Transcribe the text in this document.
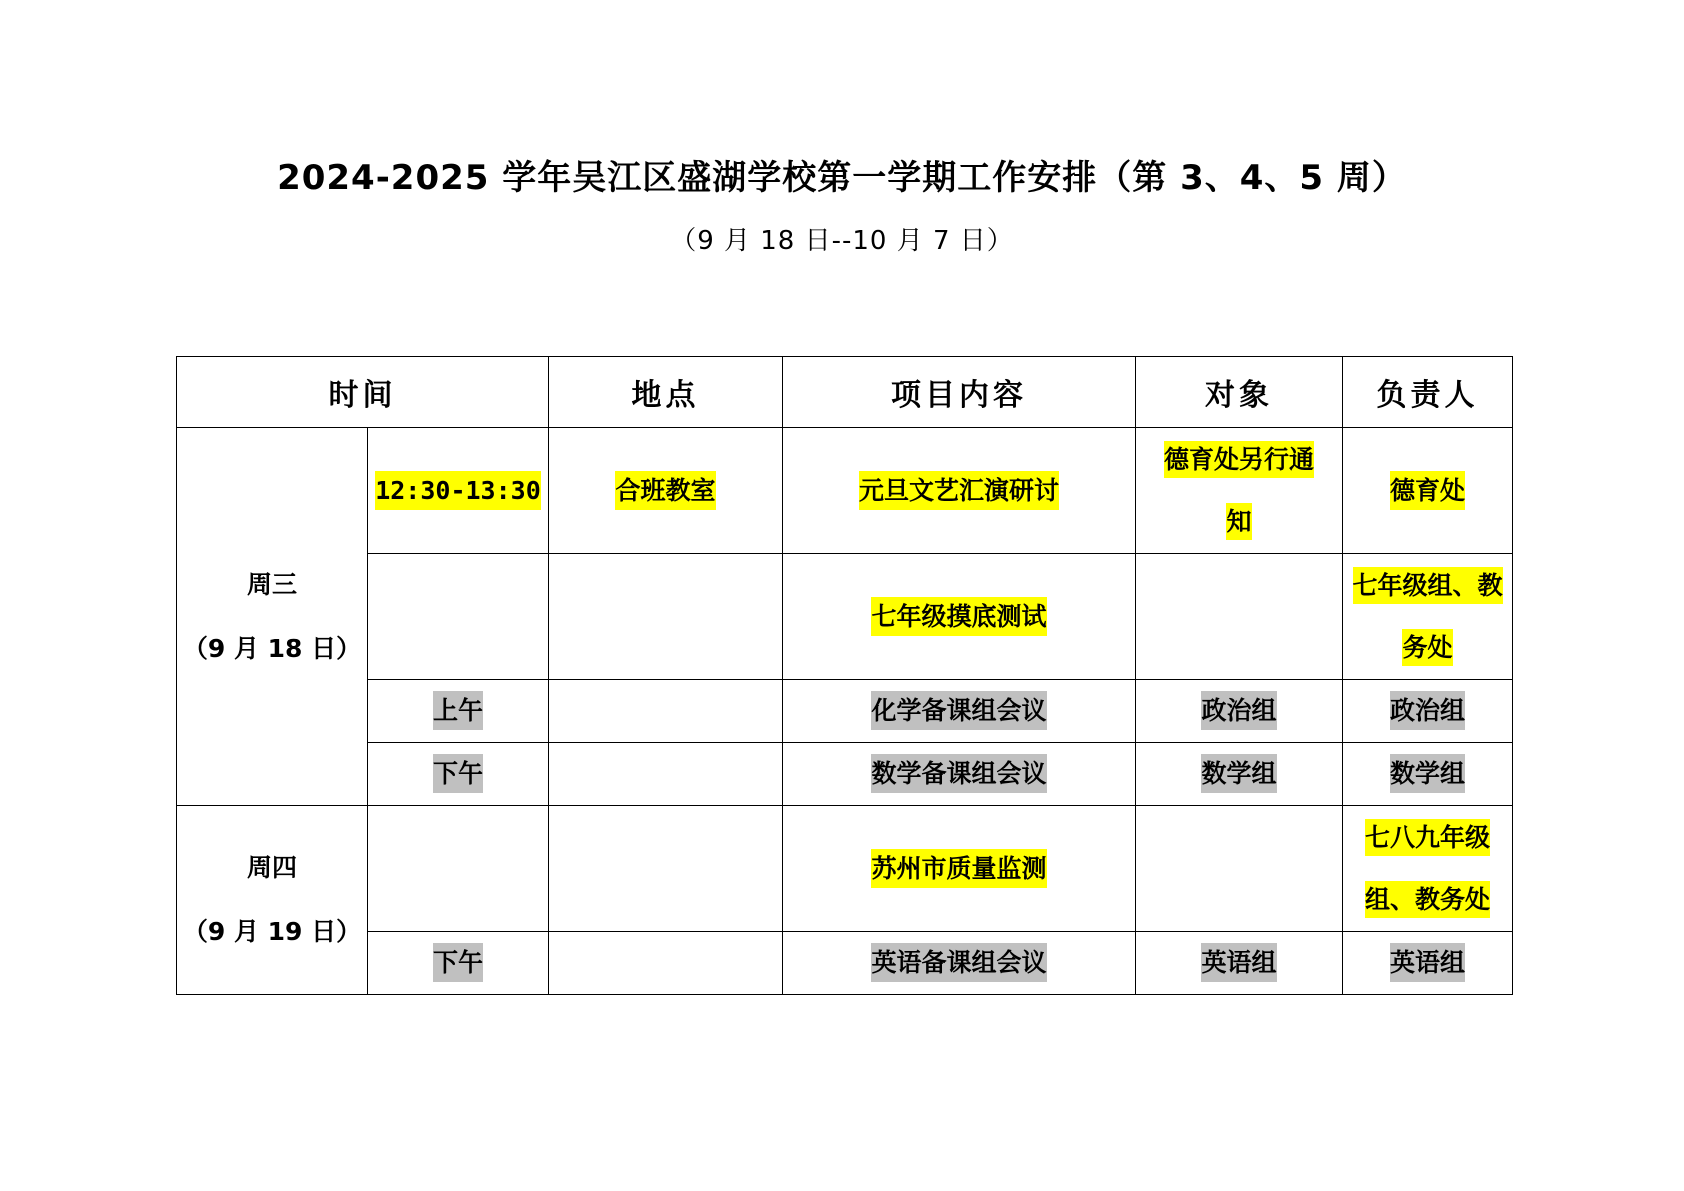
2024-2025 学年吴江区盛湖学校第一学期工作安排（第 3、4、5 周）
（9 月 18 日--10 月 7 日）
时间		地点	项目内容	对象	负责人

周三
（9 月 18 日）	12:30-13:30	合班教室	元旦文艺汇演研讨	德育处另行通知	德育处
			七年级摸底测试		七年级组、教务处

	上午		化学备课组会议	政治组	政治组
	下午		数学备课组会议	数学组	数学组

周四
（9 月 19 日）			苏州市质量监测		七八九年级组、教务处

	下午		英语备课组会议	英语组	英语组
